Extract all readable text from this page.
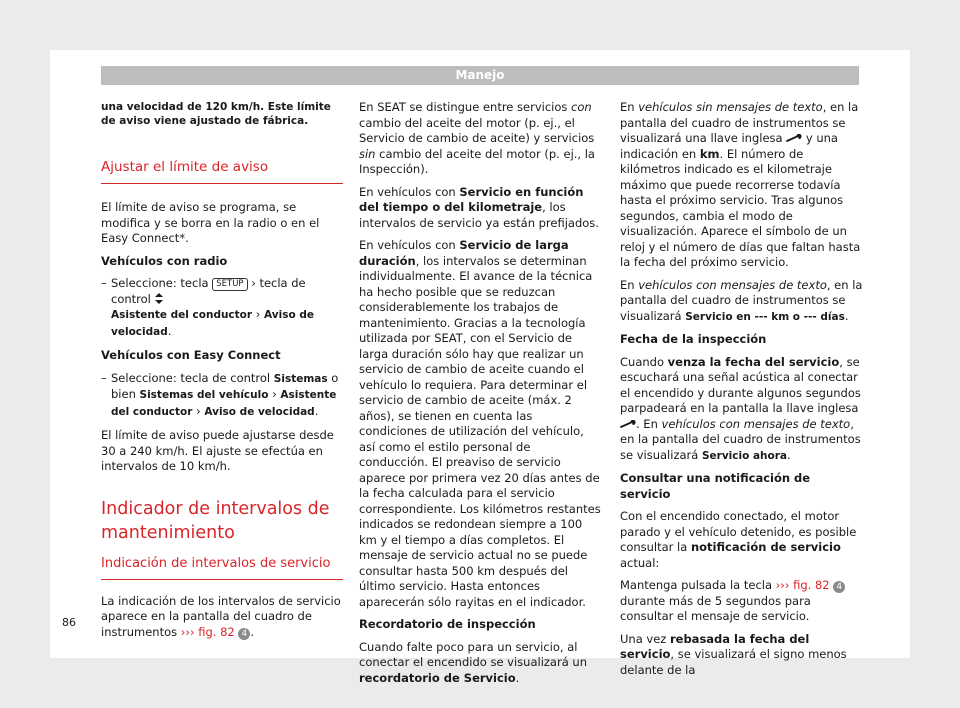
Manejo

una velocidad de 120 km/h. Este límite de aviso viene ajustado de fábrica.

Ajustar el límite de aviso

El límite de aviso se programa, se modifica y se borra en la radio o en el Easy Connect*.

Vehículos con radio

– Seleccione: tecla SETUP › tecla de control
Asistente del conductor › Aviso de velocidad.

Vehículos con Easy Connect

– Seleccione: tecla de control Sistemas o bien Sistemas del vehículo › Asistente del conductor › Aviso de velocidad.

El límite de aviso puede ajustarse desde 30 a 240 km/h. El ajuste se efectúa en intervalos de 10 km/h.

Indicador de intervalos de mantenimiento
Indicación de intervalos de servicio

La indicación de los intervalos de servicio aparece en la pantalla del cuadro de instrumentos ››› fig. 82 4 .

En SEAT se distingue entre servicios con cambio del aceite del motor (p. ej., el Servicio de cambio de aceite) y servicios sin cambio del aceite del motor (p. ej., la Inspección).

En vehículos con Servicio en función del tiempo o del kilometraje, los intervalos de servicio ya están prefijados.

En vehículos con Servicio de larga duración, los intervalos se determinan individualmente. El avance de la técnica ha hecho posible que se reduzcan considerablemente los trabajos de mantenimiento. Gracias a la tecnología utilizada por SEAT, con el Servicio de larga duración sólo hay que realizar un servicio de cambio de aceite cuando el vehículo lo requiera. Para determinar el servicio de cambio de aceite (máx. 2 años), se tienen en cuenta las condiciones de utilización del vehículo, así como el estilo personal de conducción. El preaviso de servicio aparece por primera vez 20 días antes de la fecha calculada para el servicio correspondiente. Los kilómetros restantes indicados se redondean siempre a 100 km y el tiempo a días completos. El mensaje de servicio actual no se puede consultar hasta 500 km después del último servicio. Hasta entonces aparecerán sólo rayitas en el indicador.

Recordatorio de inspección

Cuando falte poco para un servicio, al conectar el encendido se visualizará un recordatorio de Servicio.

En vehículos sin mensajes de texto, en la pantalla del cuadro de instrumentos se visualizará una llave inglesa y una indicación en km. El número de kilómetros indicado es el kilometraje máximo que puede recorrerse todavía hasta el próximo servicio. Tras algunos segundos, cambia el modo de visualización. Aparece el símbolo de un reloj y el número de días que faltan hasta la fecha del próximo servicio.

En vehículos con mensajes de texto, en la pantalla del cuadro de instrumentos se visualizará Servicio en --- km o --- días.

Fecha de la inspección

Cuando venza la fecha del servicio, se escuchará una señal acústica al conectar el encendido y durante algunos segundos parpadeará en la pantalla la llave inglesa . En vehículos con mensajes de texto, en la pantalla del cuadro de instrumentos se visualizará Servicio ahora.

Consultar una notificación de servicio

Con el encendido conectado, el motor parado y el vehículo detenido, es posible consultar la notificación de servicio actual:

Mantenga pulsada la tecla ››› fig. 82 4 durante más de 5 segundos para consultar el mensaje de servicio.

Una vez rebasada la fecha del servicio, se visualizará el signo menos delante de la

86
